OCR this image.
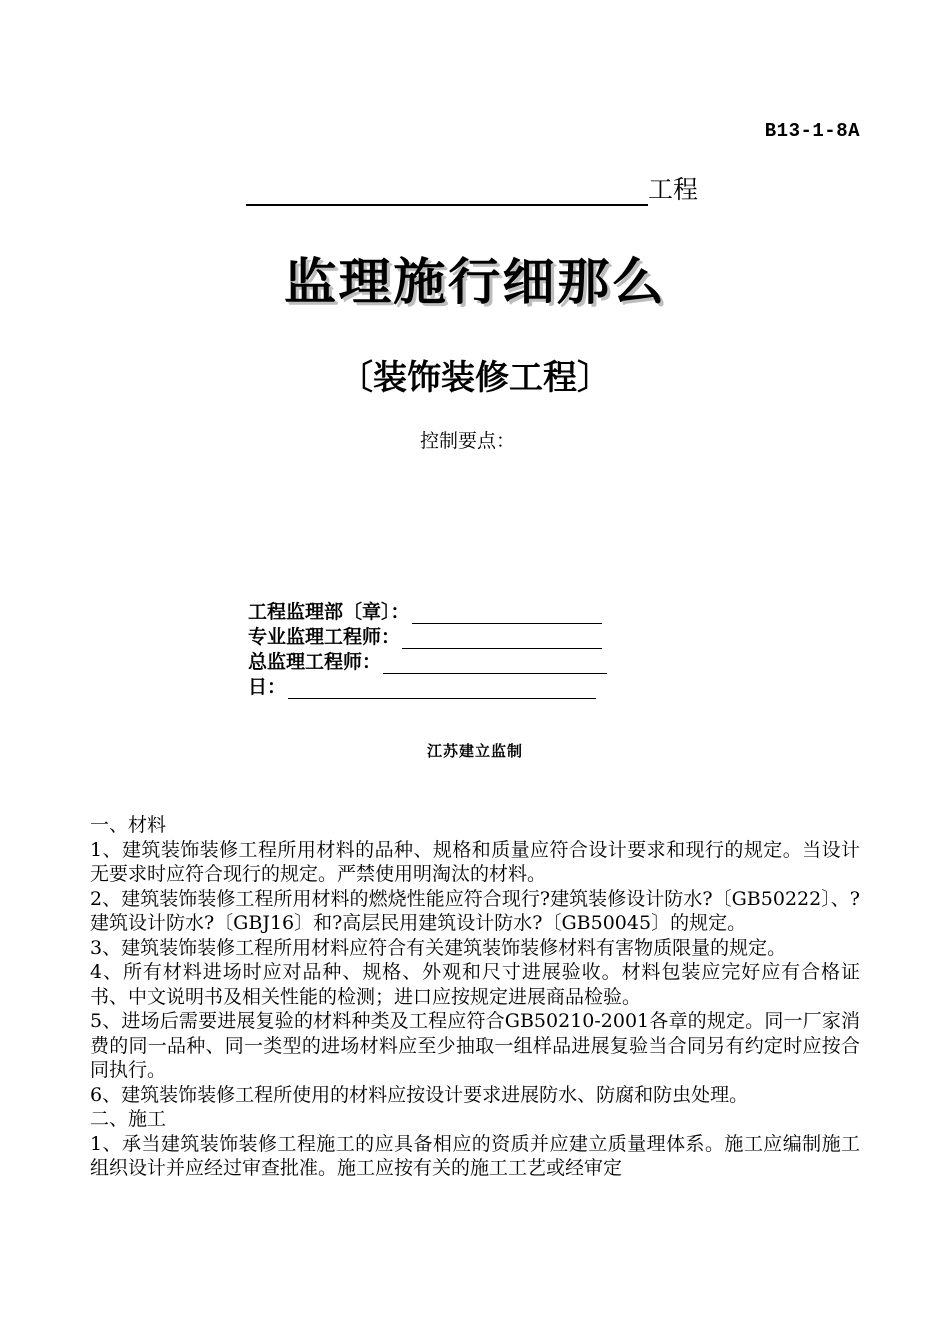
B13-1-8A
工程
监理施行细那么
〔装饰装修工程〕
控制要点：
工程监理部〔章〕：
专业监理工程师：
总监理工程师：
日：
江苏建立监制

一、材料

1、建筑装饰装修工程所用材料的品种、规格和质量应符合设计要求和现行的规定。当设计无要求时应符合现行的规定。严禁使用明淘汰的材料。

2、建筑装饰装修工程所用材料的燃烧性能应符合现行?建筑装修设计防水?〔GB50222〕、?建筑设计防水?〔GBJ16〕和?高层民用建筑设计防水?〔GB50045〕的规定。

3、建筑装饰装修工程所用材料应符合有关建筑装饰装修材料有害物质限量的规定。

4、所有材料进场时应对品种、规格、外观和尺寸进展验收。材料包装应完好应有合格证书、中文说明书及相关性能的检测；进口应按规定进展商品检验。

5、进场后需要进展复验的材料种类及工程应符合GB50210-2001各章的规定。同一厂家消费的同一品种、同一类型的进场材料应至少抽取一组样品进展复验当合同另有约定时应按合同执行。

6、建筑装饰装修工程所使用的材料应按设计要求进展防水、防腐和防虫处理。

二、施工

1、承当建筑装饰装修工程施工的应具备相应的资质并应建立质量理体系。施工应编制施工组织设计并应经过审查批准。施工应按有关的施工工艺或经审定
